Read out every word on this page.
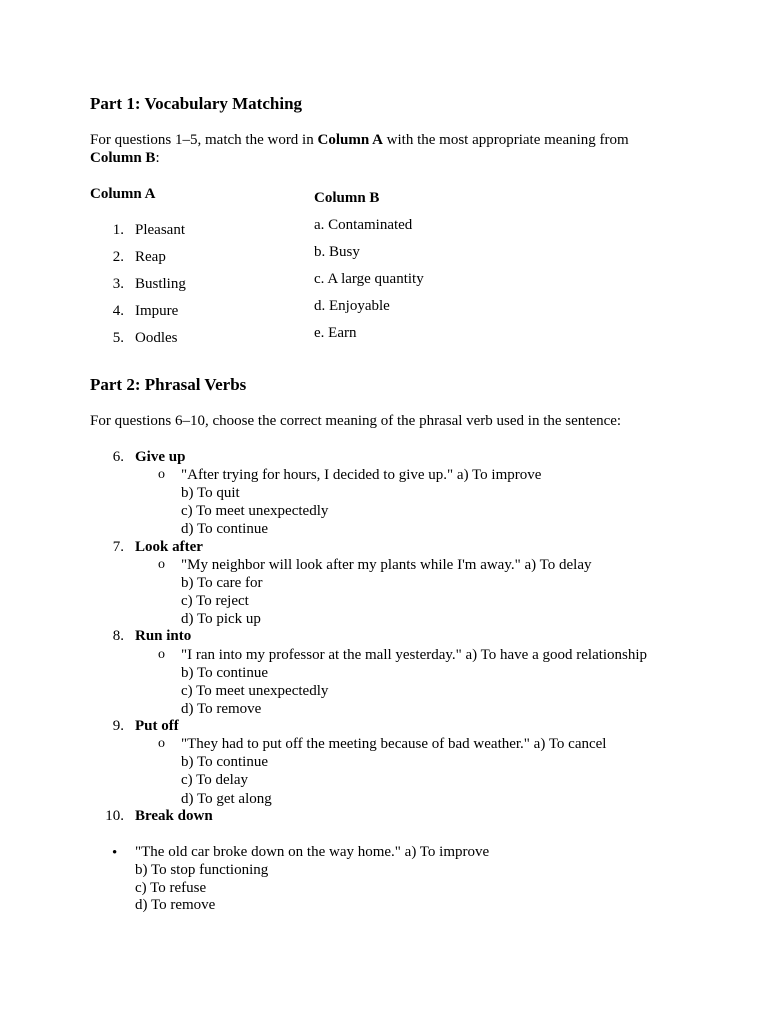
Part 1: Vocabulary Matching
For questions 1–5, match the word in Column A with the most appropriate meaning from
Column B:
Column A	Column B
1. Pleasant
2. Reap
3. Bustling
4. Impure
5. Oodles
a. Contaminated
b. Busy
c. A large quantity
d. Enjoyable
e. Earn
Part 2: Phrasal Verbs
For questions 6–10, choose the correct meaning of the phrasal verb used in the sentence:
6. Give up
o "After trying for hours, I decided to give up." a) To improve
b) To quit
c) To meet unexpectedly
d) To continue
7. Look after
o "My neighbor will look after my plants while I'm away." a) To delay
b) To care for
c) To reject
d) To pick up
8. Run into
o "I ran into my professor at the mall yesterday." a) To have a good relationship
b) To continue
c) To meet unexpectedly
d) To remove
9. Put off
o "They had to put off the meeting because of bad weather." a) To cancel
b) To continue
c) To delay
d) To get along
10. Break down
• "The old car broke down on the way home." a) To improve
b) To stop functioning
c) To refuse
d) To remove
